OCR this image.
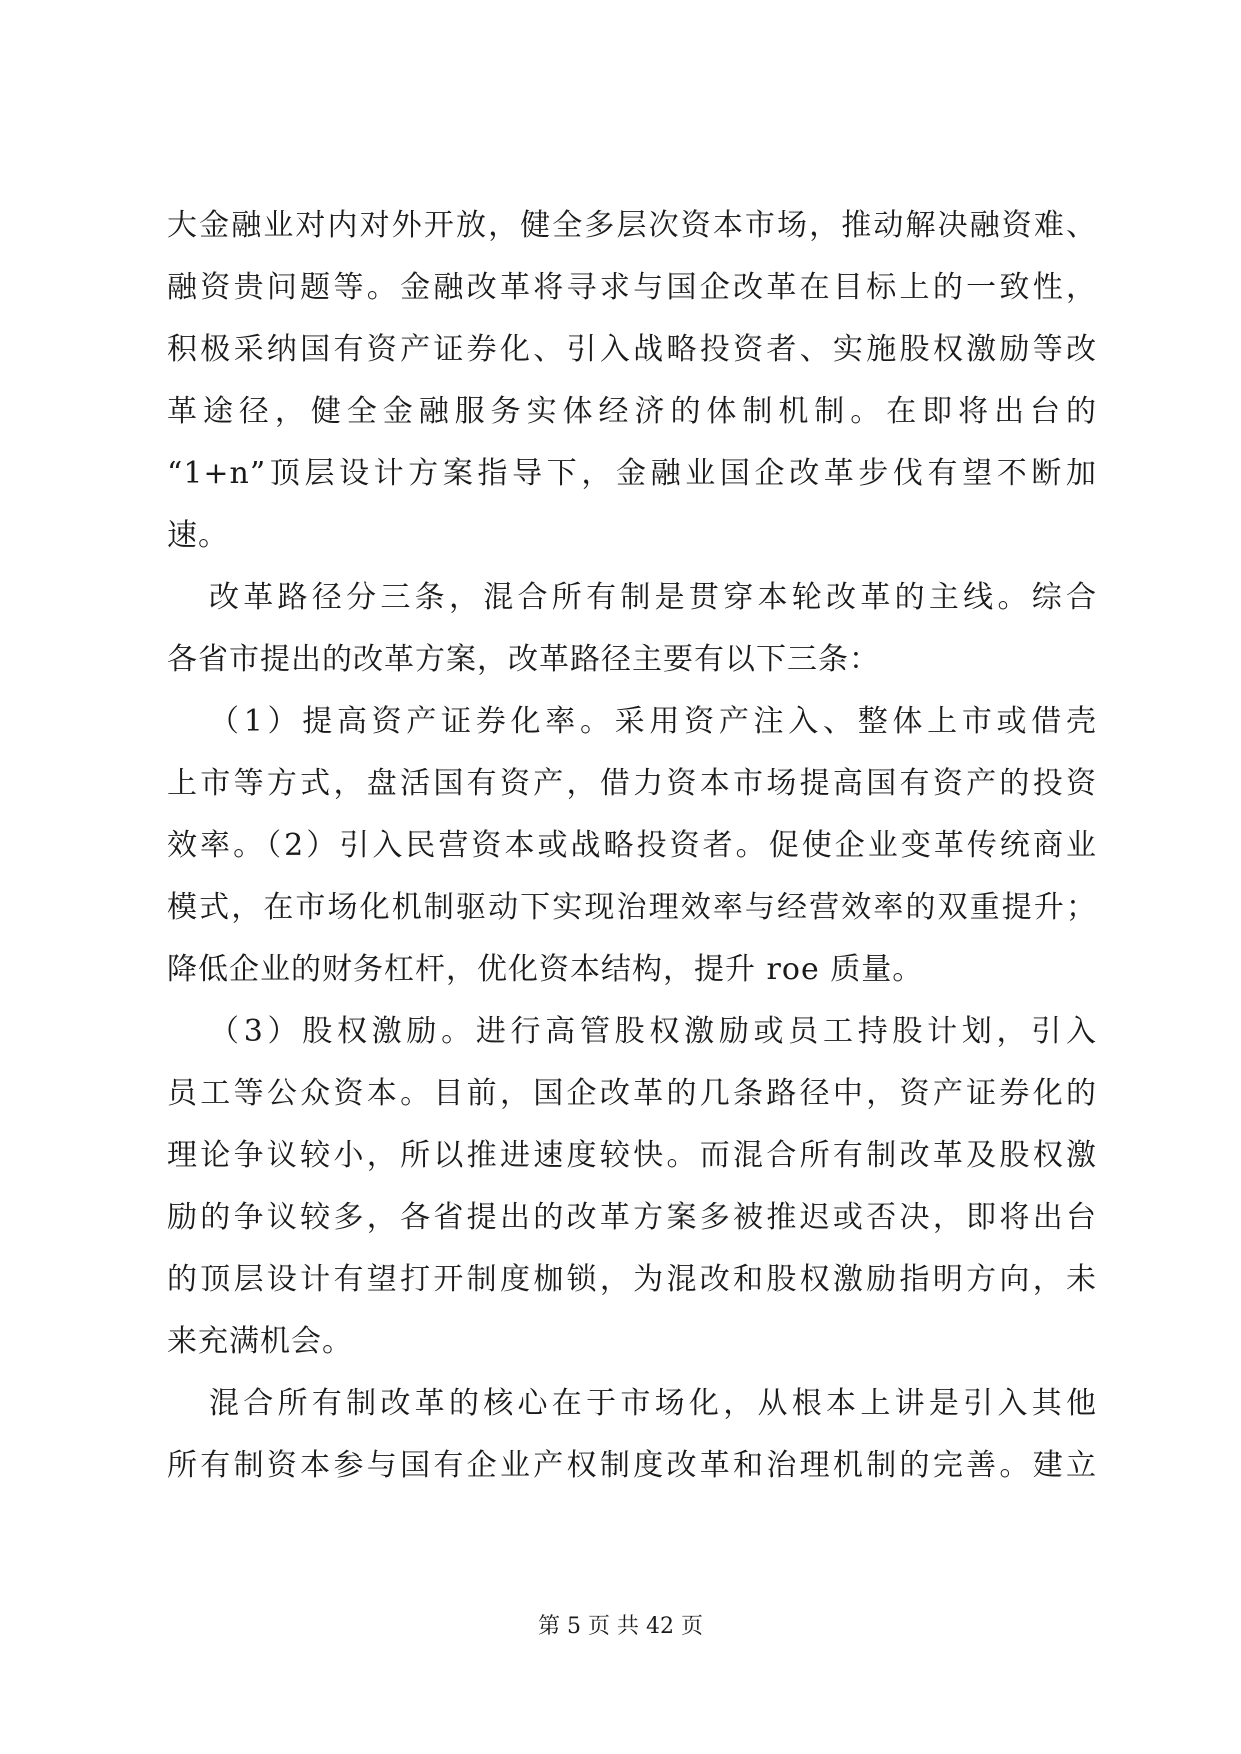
大金融业对内对外开放，健全多层次资本市场，推动解决融资难、
融资贵问题等。金融改革将寻求与国企改革在目标上的一致性，
积极采纳国有资产证券化、引入战略投资者、实施股权激励等改
革途径，健全金融服务实体经济的体制机制。在即将出台的
“1+n”顶层设计方案指导下，金融业国企改革步伐有望不断加
速。
改革路径分三条，混合所有制是贯穿本轮改革的主线。综合
各省市提出的改革方案，改革路径主要有以下三条：
（1）提高资产证券化率。采用资产注入、整体上市或借壳
上市等方式，盘活国有资产，借力资本市场提高国有资产的投资
效率。（2）引入民营资本或战略投资者。促使企业变革传统商业
模式，在市场化机制驱动下实现治理效率与经营效率的双重提升；
降低企业的财务杠杆，优化资本结构，提升 roe 质量。
（3）股权激励。进行高管股权激励或员工持股计划，引入
员工等公众资本。目前，国企改革的几条路径中，资产证券化的
理论争议较小，所以推进速度较快。而混合所有制改革及股权激
励的争议较多，各省提出的改革方案多被推迟或否决，即将出台
的顶层设计有望打开制度枷锁，为混改和股权激励指明方向，未
来充满机会。
混合所有制改革的核心在于市场化，从根本上讲是引入其他
所有制资本参与国有企业产权制度改革和治理机制的完善。建立
第 5 页 共 42 页
